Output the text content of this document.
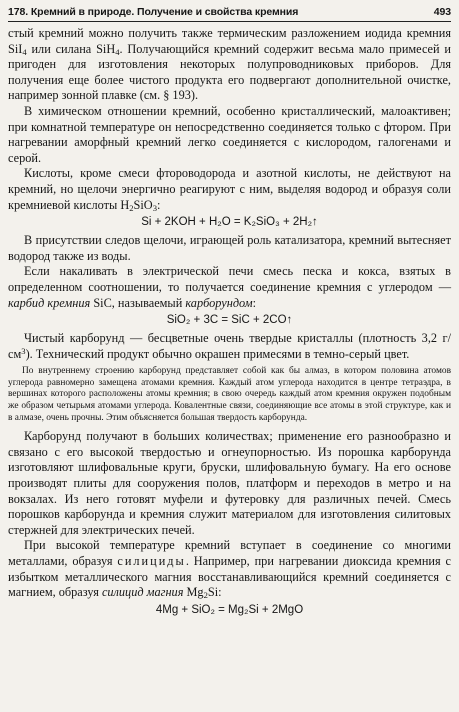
178. Кремний в природе. Получение и свойства кремния	493

стый кремний можно получить также термическим разложением иодида кремния SiI$_4$ или силана SiH$_4$. Получающийся кремний содержит весьма мало примесей и пригоден для изготовления некоторых полупроводниковых приборов. Для получения еще более чистого продукта его подвергают дополнительной очистке, например зонной плавке (см. § 193).

В химическом отношении кремний, особенно кристаллический, малоактивен; при комнатной температуре он непосредственно соединяется только с фтором. При нагревании аморфный кремний легко соединяется с кислородом, галогенами и серой.

Кислоты, кроме смеси фтороводорода и азотной кислоты, не действуют на кремний, но щелочи энергично реагируют с ним, выделяя водород и образуя соли кремниевой кислоты $H_2SiO_3$:

Si + 2KOH + H₂O = K₂SiO₃ + 2H₂↑

В присутствии следов щелочи, играющей роль катализатора, кремний вытесняет водород также из воды.

Если накаливать в электрической печи смесь песка и кокса, взятых в определенном соотношении, то получается соединение кремния с углеродом — карбид кремния SiC, называемый карборундом:

SiO₂ + 3C = SiC + 2CO↑

Чистый карборунд — бесцветные очень твердые кристаллы (плотность 3,2 $г/см^3$). Технический продукт обычно окрашен примесями в темно-серый цвет.

По внутреннему строению карборунд представляет собой как бы алмаз, в котором половина атомов углерода равномерно замещена атомами кремния. Каждый атом углерода находится в центре тетраэдра, в вершинах которого расположены атомы кремния; в свою очередь каждый атом кремния окружен подобным же образом четырьмя атомами углерода. Ковалентные связи, соединяющие все атомы в этой структуре, как и в алмазе, очень прочны. Этим объясняется большая твердость карборунда.

Карборунд получают в больших количествах; применение его разнообразно и связано с его высокой твердостью и огнеупорностью. Из порошка карборунда изготовляют шлифовальные круги, бруски, шлифовальную бумагу. На его основе производят плиты для сооружения полов, платформ и переходов в метро и на вокзалах. Из него готовят муфели и футеровку для различных печей. Смесь порошков карборунда и кремния служит материалом для изготовления силитовых стержней для электрических печей.

При высокой температуре кремний вступает в соединение со многими металлами, образуя силициды. Например, при нагревании диоксида кремния с избытком металлического магния восстанавливающийся кремний соединяется с магнием, образуя силицид магния $Mg_2Si$:

4Mg + SiO₂ = Mg₂Si + 2MgO
